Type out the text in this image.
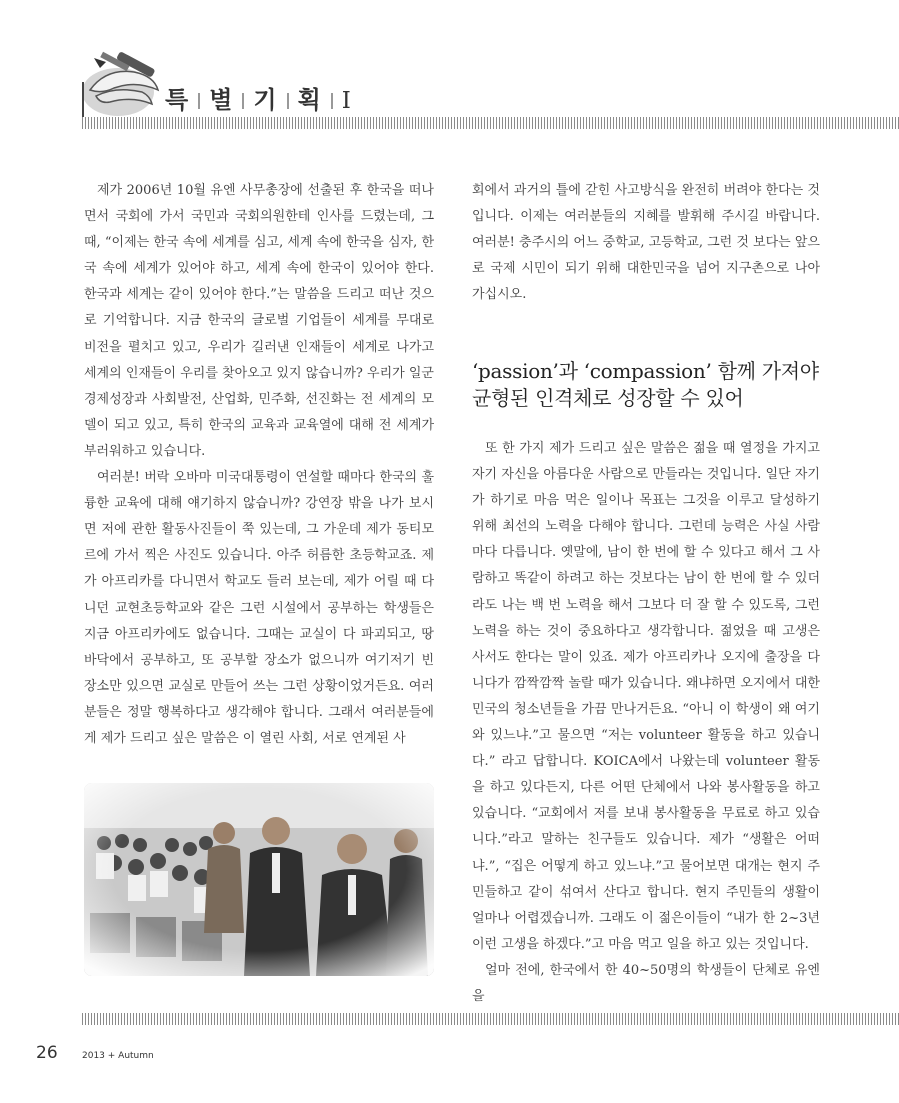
특 별 기 획 I

제가 2006년 10월 유엔 사무총장에 선출된 후 한국을 떠나면서 국회에 가서 국민과 국회의원한테 인사를 드렸는데, 그때, “이제는 한국 속에 세계를 심고, 세계 속에 한국을 심자, 한국 속에 세계가 있어야 하고, 세계 속에 한국이 있어야 한다. 한국과 세계는 같이 있어야 한다.”는 말씀을 드리고 떠난 것으로 기억합니다. 지금 한국의 글로벌 기업들이 세계를 무대로 비전을 펼치고 있고, 우리가 길러낸 인재들이 세계로 나가고 세계의 인재들이 우리를 찾아오고 있지 않습니까? 우리가 일군 경제성장과 사회발전, 산업화, 민주화, 선진화는 전 세계의 모델이 되고 있고, 특히 한국의 교육과 교육열에 대해 전 세계가 부러워하고 있습니다.

여러분! 버락 오바마 미국대통령이 연설할 때마다 한국의 훌륭한 교육에 대해 얘기하지 않습니까? 강연장 밖을 나가 보시면 저에 관한 활동사진들이 쭉 있는데, 그 가운데 제가 동티모르에 가서 찍은 사진도 있습니다. 아주 허름한 초등학교죠. 제가 아프리카를 다니면서 학교도 들러 보는데, 제가 어릴 때 다니던 교현초등학교와 같은 그런 시설에서 공부하는 학생들은 지금 아프리카에도 없습니다. 그때는 교실이 다 파괴되고, 땅바닥에서 공부하고, 또 공부할 장소가 없으니까 여기저기 빈 장소만 있으면 교실로 만들어 쓰는 그런 상황이었거든요. 여러분들은 정말 행복하다고 생각해야 합니다. 그래서 여러분들에게 제가 드리고 싶은 말씀은 이 열린 사회, 서로 연계된 사

회에서 과거의 틀에 갇힌 사고방식을 완전히 버려야 한다는 것입니다. 이제는 여러분들의 지혜를 발휘해 주시길 바랍니다. 여러분! 충주시의 어느 중학교, 고등학교, 그런 것 보다는 앞으로 국제 시민이 되기 위해 대한민국을 넘어 지구촌으로 나아 가십시오.

‘passion’과 ‘compassion’ 함께 가져야
균형된 인격체로 성장할 수 있어

또 한 가지 제가 드리고 싶은 말씀은 젊을 때 열정을 가지고 자기 자신을 아름다운 사람으로 만들라는 것입니다. 일단 자기가 하기로 마음 먹은 일이나 목표는 그것을 이루고 달성하기 위해 최선의 노력을 다해야 합니다. 그런데 능력은 사실 사람마다 다릅니다. 옛말에, 남이 한 번에 할 수 있다고 해서 그 사람하고 똑같이 하려고 하는 것보다는 남이 한 번에 할 수 있더라도 나는 백 번 노력을 해서 그보다 더 잘 할 수 있도록, 그런 노력을 하는 것이 중요하다고 생각합니다. 젊었을 때 고생은 사서도 한다는 말이 있죠. 제가 아프리카나 오지에 출장을 다니다가 깜짝깜짝 놀랄 때가 있습니다. 왜냐하면 오지에서 대한민국의 청소년들을 가끔 만나거든요. “아니 이 학생이 왜 여기 와 있느냐.”고 물으면 “저는 volunteer 활동을 하고 있습니다.” 라고 답합니다. KOICA에서 나왔는데 volunteer 활동을 하고 있다든지, 다른 어떤 단체에서 나와 봉사활동을 하고 있습니다. “교회에서 저를 보내 봉사활동을 무료로 하고 있습니다.”라고 말하는 친구들도 있습니다. 제가 “생활은 어떠냐.”, “집은 어떻게 하고 있느냐.”고 물어보면 대개는 현지 주민들하고 같이 섞여서 산다고 합니다. 현지 주민들의 생활이 얼마나 어렵겠습니까. 그래도 이 젊은이들이 “내가 한 2~3년 이런 고생을 하겠다.”고 마음 먹고 일을 하고 있는 것입니다.

얼마 전에, 한국에서 한 40~50명의 학생들이 단체로 유엔을

26	2013 + Autumn
